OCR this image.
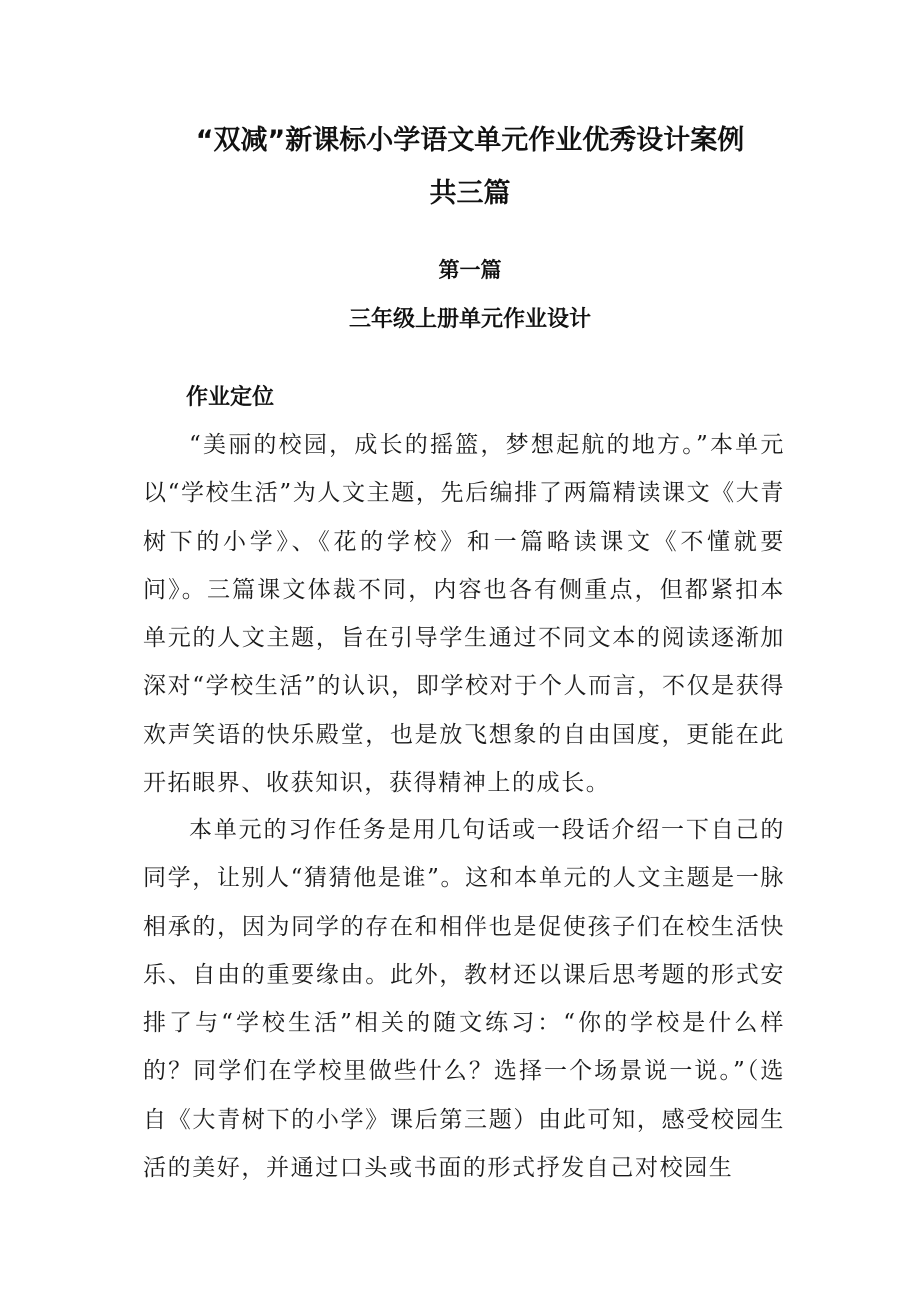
“双减”新课标小学语文单元作业优秀设计案例
共三篇
第一篇
三年级上册单元作业设计
作业定位

“美丽的校园，成长的摇篮，梦想起航的地方。”本单元以“学校生活”为人文主题，先后编排了两篇精读课文《大青树下的小学》、《花的学校》和一篇略读课文《不懂就要问》。三篇课文体裁不同，内容也各有侧重点，但都紧扣本单元的人文主题，旨在引导学生通过不同文本的阅读逐渐加深对“学校生活”的认识，即学校对于个人而言，不仅是获得欢声笑语的快乐殿堂，也是放飞想象的自由国度，更能在此开拓眼界、收获知识，获得精神上的成长。

本单元的习作任务是用几句话或一段话介绍一下自己的同学，让别人“猜猜他是谁”。这和本单元的人文主题是一脉相承的，因为同学的存在和相伴也是促使孩子们在校生活快乐、自由的重要缘由。此外，教材还以课后思考题的形式安排了与“学校生活”相关的随文练习：“你的学校是什么样的？同学们在学校里做些什么？选择一个场景说一说。”（选自《大青树下的小学》课后第三题）由此可知，感受校园生活的美好，并通过口头或书面的形式抒发自己对校园生
